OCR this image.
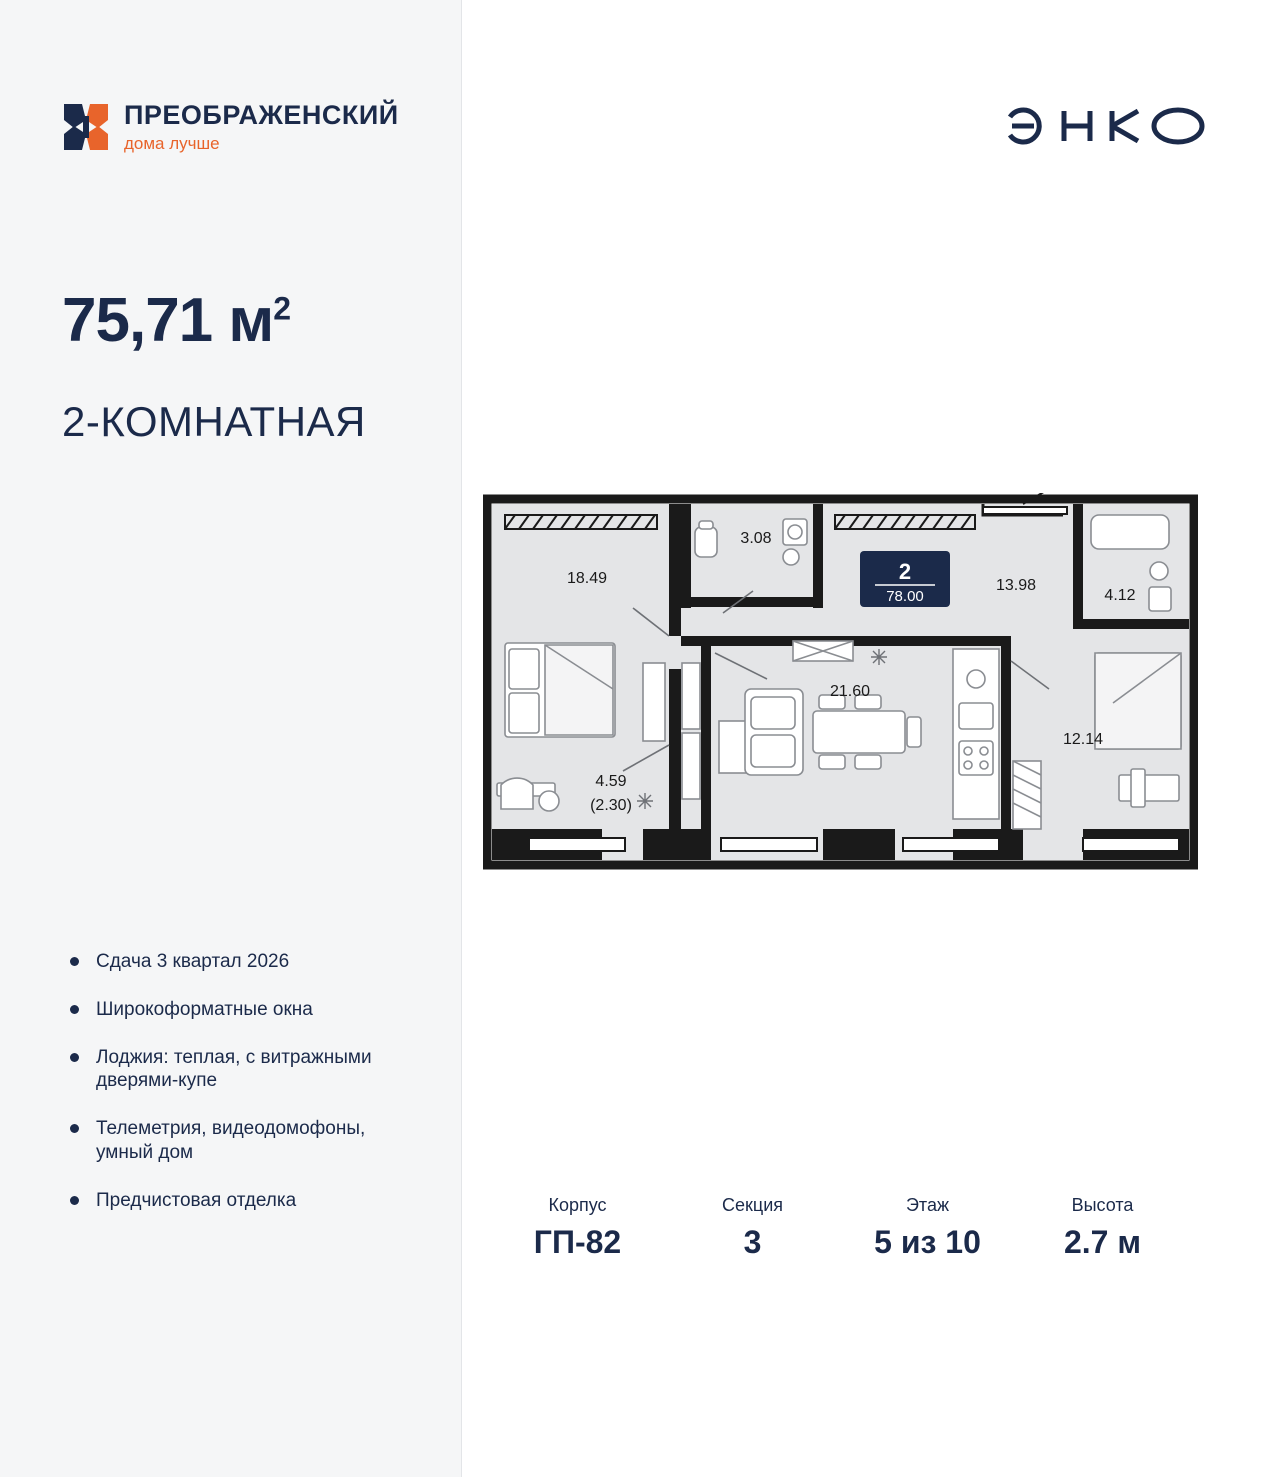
ПРЕОБРАЖЕНСКИЙ
дома лучше
75,71 $м^2$
2-КОМНАТНАЯ
Сдача 3 квартал 2026
Широкоформатные окна
Лоджия: теплая, с витражными дверями-купе
Телеметрия, видеодомофоны, умный дом
Предчистовая отделка
18.49
3.08
13.98
4.12
21.60
12.14
4.59
(2.30)
2
78.00
Корпус
ГП-82
Секция
3
Этаж
5 из 10
Высота
2.7 м
